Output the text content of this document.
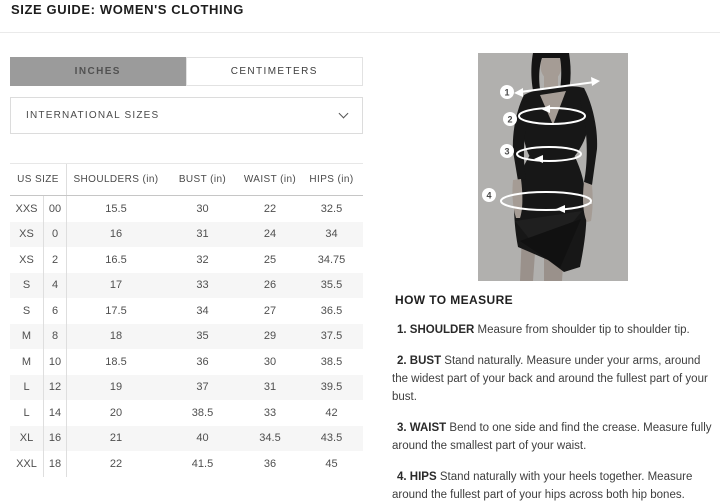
SIZE GUIDE: WOMEN'S CLOTHING
INCHES	CENTIMETERS
INTERNATIONAL SIZES
US SIZE	SHOULDERS (in)	BUST (in)	WAIST (in)	HIPS (in)
XXS	00	15.5	30	22	32.5
XS	0	16	31	24	34
XS	2	16.5	32	25	34.75
S	4	17	33	26	35.5
S	6	17.5	34	27	36.5
M	8	18	35	29	37.5
M	10	18.5	36	30	38.5
L	12	19	37	31	39.5
L	14	20	38.5	33	42
XL	16	21	40	34.5	43.5
XXL	18	22	41.5	36	45
1
2
3
4
HOW TO MEASURE
1. SHOULDER Measure from shoulder tip to shoulder tip.
2. BUST Stand naturally. Measure under your arms, around the widest part of your back and around the fullest part of your bust.
3. WAIST Bend to one side and find the crease. Measure fully around the smallest part of your waist.
4. HIPS Stand naturally with your heels together. Measure around the fullest part of your hips across both hip bones.
